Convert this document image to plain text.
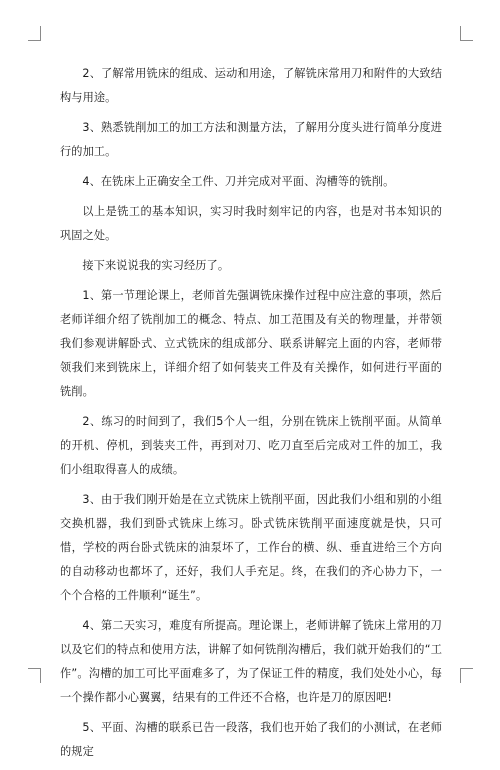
2、了解常用铣床的组成、运动和用途，了解铣床常用刀和附件的大致结构与用途。

3、熟悉铣削加工的加工方法和测量方法，了解用分度头进行简单分度进行的加工。

4、在铣床上正确安全工件、刀并完成对平面、沟槽等的铣削。

以上是铣工的基本知识，实习时我时刻牢记的内容，也是对书本知识的巩固之处。

接下来说说我的实习经历了。

1、第一节理论课上，老师首先强调铣床操作过程中应注意的事项，然后老师详细介绍了铣削加工的概念、特点、加工范围及有关的物理量，并带领我们参观讲解卧式、立式铣床的组成部分、联系讲解完上面的内容，老师带领我们来到铣床上，详细介绍了如何装夹工件及有关操作，如何进行平面的铣削。

2、练习的时间到了，我们5个人一组，分别在铣床上铣削平面。从简单的开机、停机，到装夹工件，再到对刀、吃刀直至后完成对工件的加工，我们小组取得喜人的成绩。

3、由于我们刚开始是在立式铣床上铣削平面，因此我们小组和别的小组交换机器，我们到卧式铣床上练习。卧式铣床铣削平面速度就是快，只可惜，学校的两台卧式铣床的油泵坏了，工作台的横、纵、垂直进给三个方向的自动移动也都坏了，还好，我们人手充足。终，在我们的齐心协力下，一个个合格的工件顺利“诞生”。

4、第二天实习，难度有所提高。理论课上，老师讲解了铣床上常用的刀以及它们的特点和使用方法，讲解了如何铣削沟槽后，我们就开始我们的“工作”。沟槽的加工可比平面难多了，为了保证工件的精度，我们处处小心，每一个操作都小心翼翼，结果有的工件还不合格，也许是刀的原因吧!

5、平面、沟槽的联系已告一段落，我们也开始了我们的小测试，在老师的规定
